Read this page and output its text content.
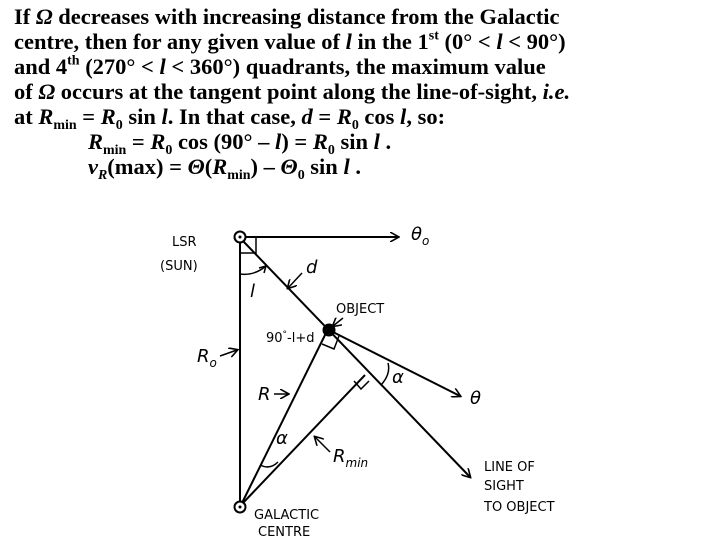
If Ω decreases with increasing distance from the Galactic
centre, then for any given value of l in the 1st (0° < l < 90°)
and 4th (270° < l < 360°) quadrants, the maximum value
of Ω occurs at the tangent point along the line-of-sight, i.e.
at $R_{min} = R_0$ sin l. In that case, $d = R_0$ cos l, so:
$R_{min} = R_0$ $\cos (90^\circ - l) = R_0$ sin l .
$v_R(\max) = \Theta(R_{min}) - \Theta_0$ sin l .
LSR
(SUN)
$\theta_o$
d
l
OBJECT
90°-l+d
$R_o$
α
θ
R
α
$R_{min}$	LINE OF
SIGHT
TO OBJECT
GALACTIC
CENTRE
